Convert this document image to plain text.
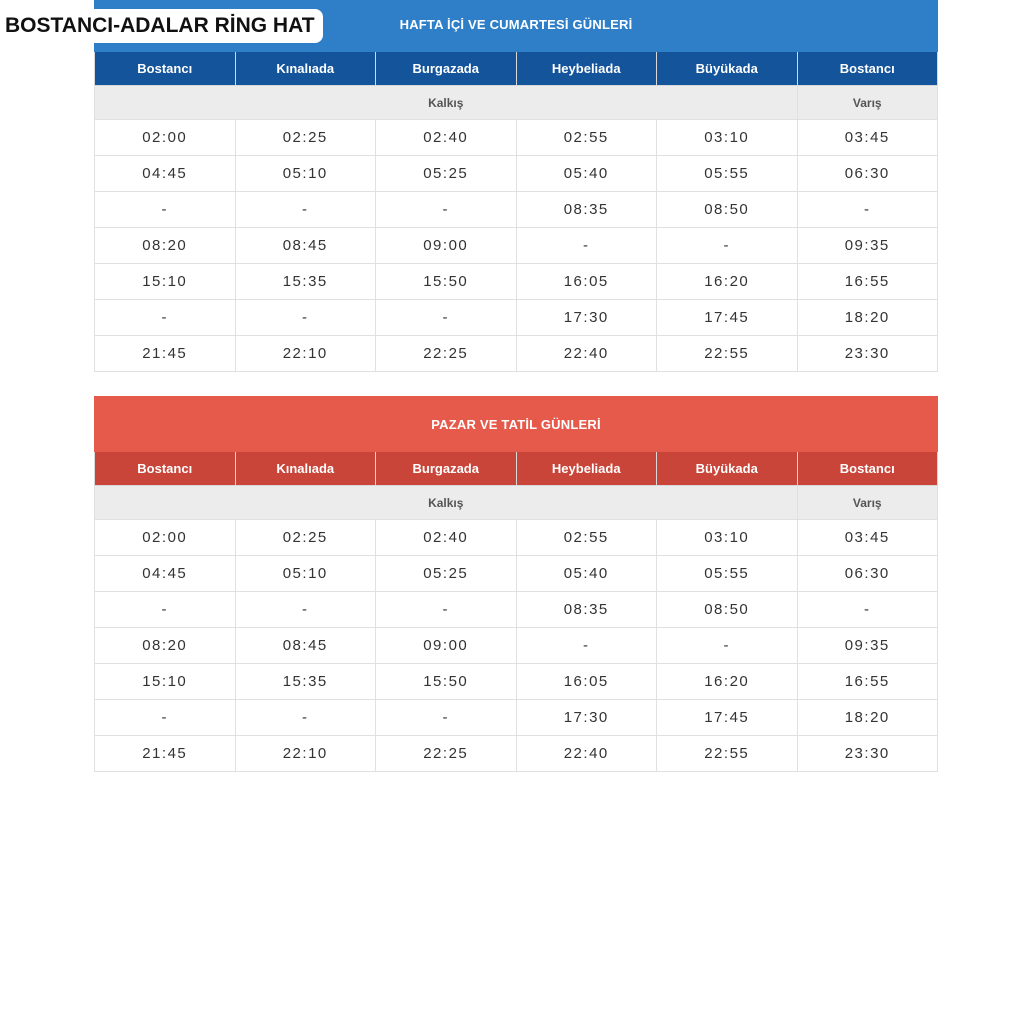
BOSTANCI-ADALAR RİNG HAT	HAFTA İÇİ VE CUMARTESİ GÜNLERİ
Bostancı	Kınalıada	Burgazada	Heybeliada	Büyükada	Bostancı
Kalkış					Varış
02:00	02:25	02:40	02:55	03:10	03:45
04:45	05:10	05:25	05:40	05:55	06:30
-	-	-	08:35	08:50	-
08:20	08:45	09:00	-	-	09:35
15:10	15:35	15:50	16:05	16:20	16:55
-	-	-	17:30	17:45	18:20
21:45	22:10	22:25	22:40	22:55	23:30
PAZAR VE TATİL GÜNLERİ
Bostancı	Kınalıada	Burgazada	Heybeliada	Büyükada	Bostancı
Kalkış					Varış
02:00	02:25	02:40	02:55	03:10	03:45
04:45	05:10	05:25	05:40	05:55	06:30
-	-	-	08:35	08:50	-
08:20	08:45	09:00	-	-	09:35
15:10	15:35	15:50	16:05	16:20	16:55
-	-	-	17:30	17:45	18:20
21:45	22:10	22:25	22:40	22:55	23:30
